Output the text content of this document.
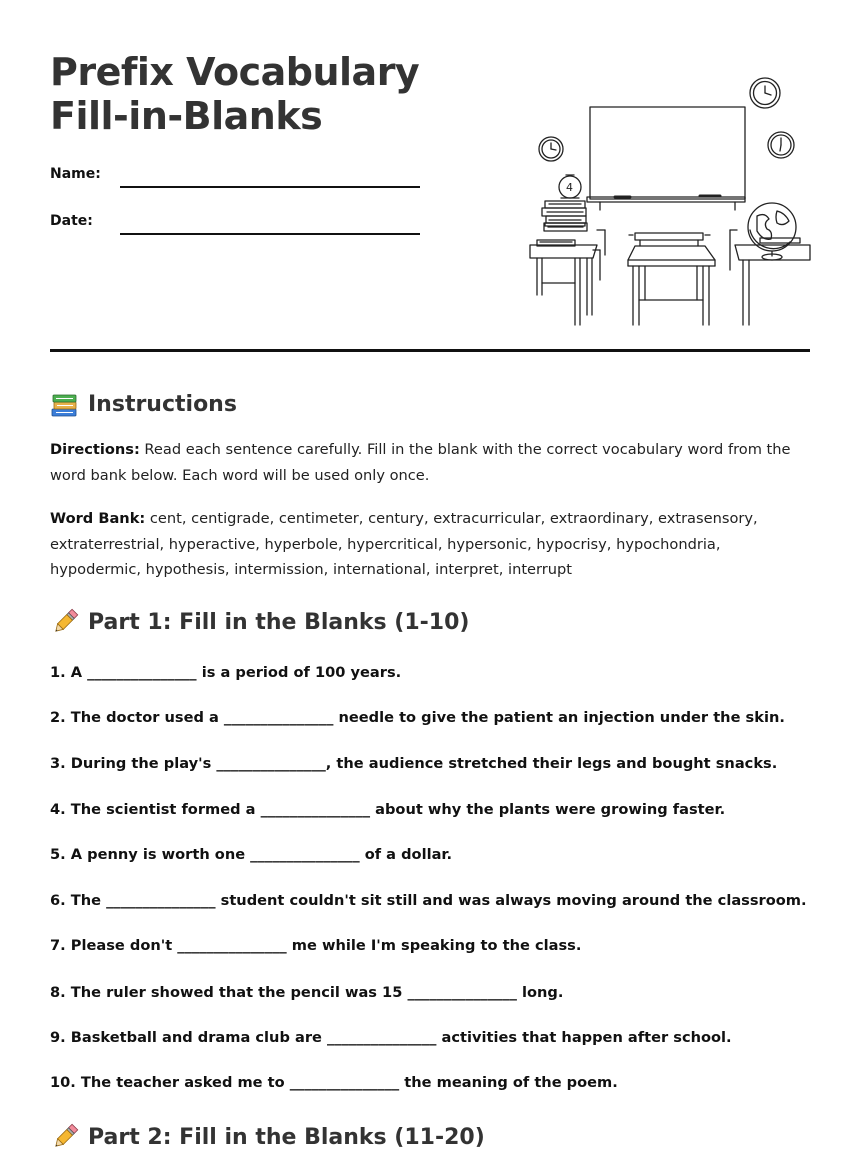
Prefix Vocabulary Fill-in-Blanks
Name:
Date:
4
Instructions

Directions: Read each sentence carefully. Fill in the blank with the correct vocabulary word from the word bank below. Each word will be used only once.

Word Bank: cent, centigrade, centimeter, century, extracurricular, extraordinary, extrasensory, extraterrestrial, hyperactive, hyperbole, hypercritical, hypersonic, hypocrisy, hypochondria, hypodermic, hypothesis, intermission, international, interpret, interrupt

Part 1: Fill in the Blanks (1-10)
1. A _______________ is a period of 100 years.
2. The doctor used a _______________ needle to give the patient an injection under the skin.
3. During the play's _______________, the audience stretched their legs and bought snacks.
4. The scientist formed a _______________ about why the plants were growing faster.
5. A penny is worth one _______________ of a dollar.
6. The _______________ student couldn't sit still and was always moving around the classroom.
7. Please don't _______________ me while I'm speaking to the class.
8. The ruler showed that the pencil was 15 _______________ long.
9. Basketball and drama club are _______________ activities that happen after school.
10. The teacher asked me to _______________ the meaning of the poem.
Part 2: Fill in the Blanks (11-20)
